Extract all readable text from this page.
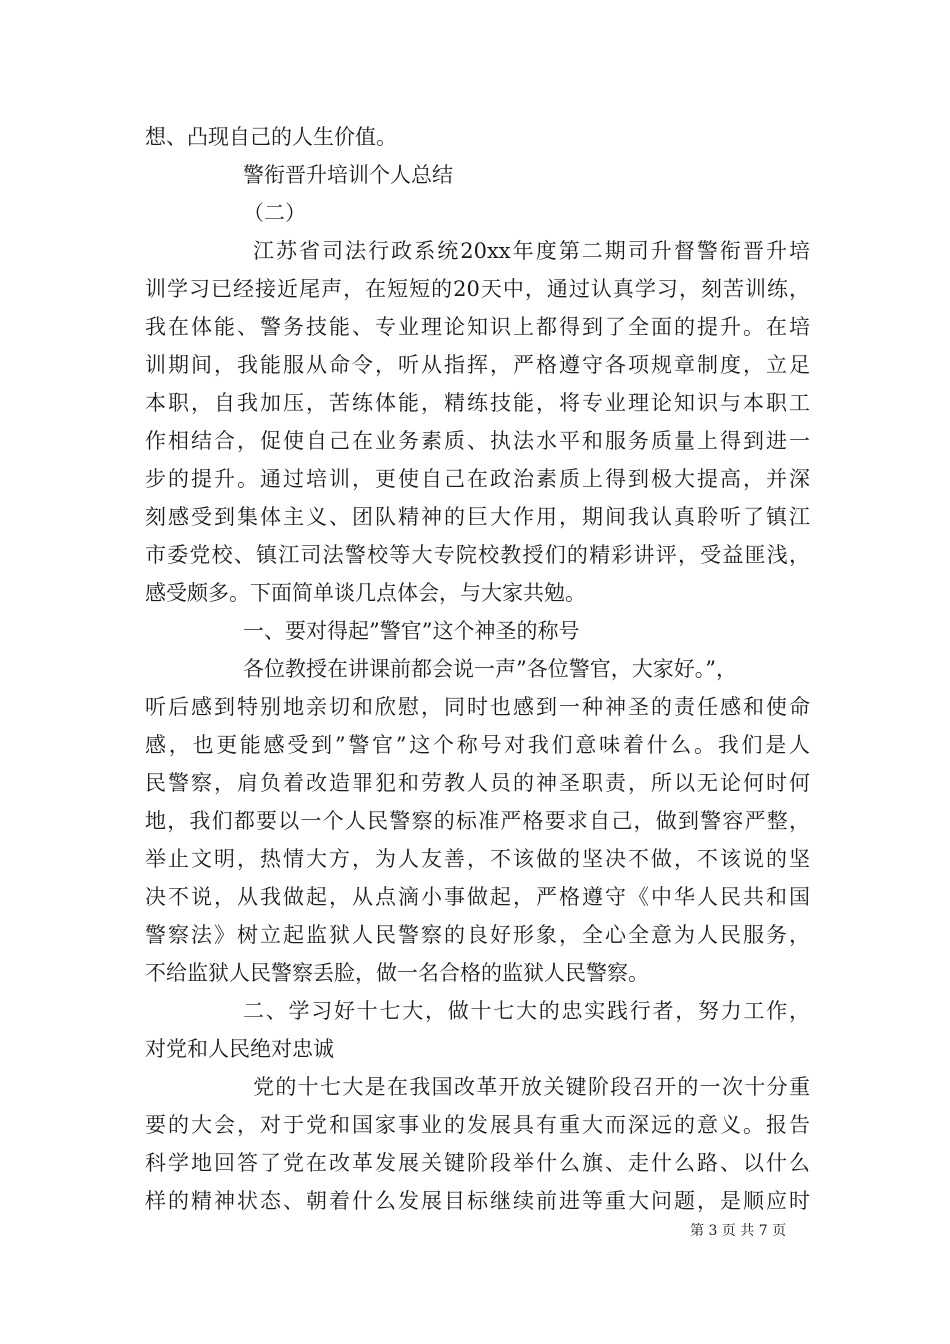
想、凸现自己的人生价值。
警衔晋升培训个人总结
（二）
江苏省司法行政系统20xx年度第二期司升督警衔晋升培
训学习已经接近尾声，在短短的20天中，通过认真学习，刻苦训练，
我在体能、警务技能、专业理论知识上都得到了全面的提升。在培
训期间，我能服从命令，听从指挥，严格遵守各项规章制度，立足
本职，自我加压，苦练体能，精练技能，将专业理论知识与本职工
作相结合，促使自己在业务素质、执法水平和服务质量上得到进一
步的提升。通过培训，更使自己在政治素质上得到极大提高，并深
刻感受到集体主义、团队精神的巨大作用，期间我认真聆听了镇江
市委党校、镇江司法警校等大专院校教授们的精彩讲评，受益匪浅，
感受颇多。下面简单谈几点体会，与大家共勉。
一、要对得起”警官”这个神圣的称号
各位教授在讲课前都会说一声”各位警官，大家好。”，
听后感到特别地亲切和欣慰，同时也感到一种神圣的责任感和使命
感，也更能感受到”警官”这个称号对我们意味着什么。我们是人
民警察，肩负着改造罪犯和劳教人员的神圣职责，所以无论何时何
地，我们都要以一个人民警察的标准严格要求自己，做到警容严整，
举止文明，热情大方，为人友善，不该做的坚决不做，不该说的坚
决不说，从我做起，从点滴小事做起，严格遵守《中华人民共和国
警察法》树立起监狱人民警察的良好形象，全心全意为人民服务，
不给监狱人民警察丢脸，做一名合格的监狱人民警察。
二、学习好十七大，做十七大的忠实践行者，努力工作，
对党和人民绝对忠诚
党的十七大是在我国改革开放关键阶段召开的一次十分重
要的大会，对于党和国家事业的发展具有重大而深远的意义。报告
科学地回答了党在改革发展关键阶段举什么旗、走什么路、以什么
样的精神状态、朝着什么发展目标继续前进等重大问题，是顺应时
第 3 页 共 7 页
